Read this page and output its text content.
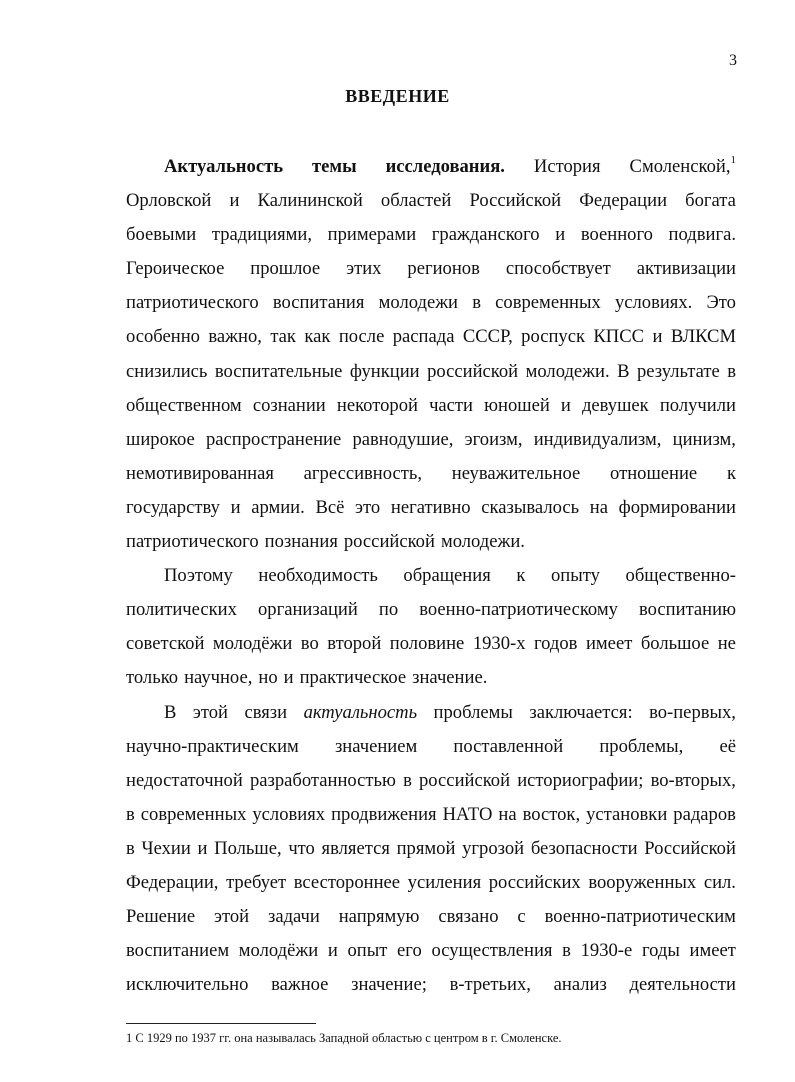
3
ВВЕДЕНИЕ
Актуальность темы исследования. История Смоленской,$^1$
Орловской и Калининской областей Российской Федерации богата
боевыми традициями, примерами гражданского и военного подвига.
Героическое прошлое этих регионов способствует активизации
патриотического воспитания молодежи в современных условиях. Это
особенно важно, так как после распада СССР, роспуск КПСС и ВЛКСМ
снизились воспитательные функции российской молодежи. В результате в
общественном сознании некоторой части юношей и девушек получили
широкое распространение равнодушие, эгоизм, индивидуализм, цинизм,
немотивированная агрессивность, неуважительное отношение к
государству и армии. Всё это негативно сказывалось на формировании
патриотического познания российской молодежи.
Поэтому необходимость обращения к опыту общественно-
политических организаций по военно-патриотическому воспитанию
советской молодёжи во второй половине 1930-х годов имеет большое не
только научное, но и практическое значение.
В этой связи актуальность проблемы заключается: во-первых,
научно-практическим значением поставленной проблемы, её
недостаточной разработанностью в российской историографии; во-вторых,
в современных условиях продвижения НАТО на восток, установки радаров
в Чехии и Польше, что является прямой угрозой безопасности Российской
Федерации, требует всестороннее усиления российских вооруженных сил.
Решение этой задачи напрямую связано с военно-патриотическим
воспитанием молодёжи и опыт его осуществления в 1930-е годы имеет
исключительно важное значение; в-третьих, анализ деятельности
1 С 1929 по 1937 гг. она называлась Западной областью с центром в г. Смоленске.
